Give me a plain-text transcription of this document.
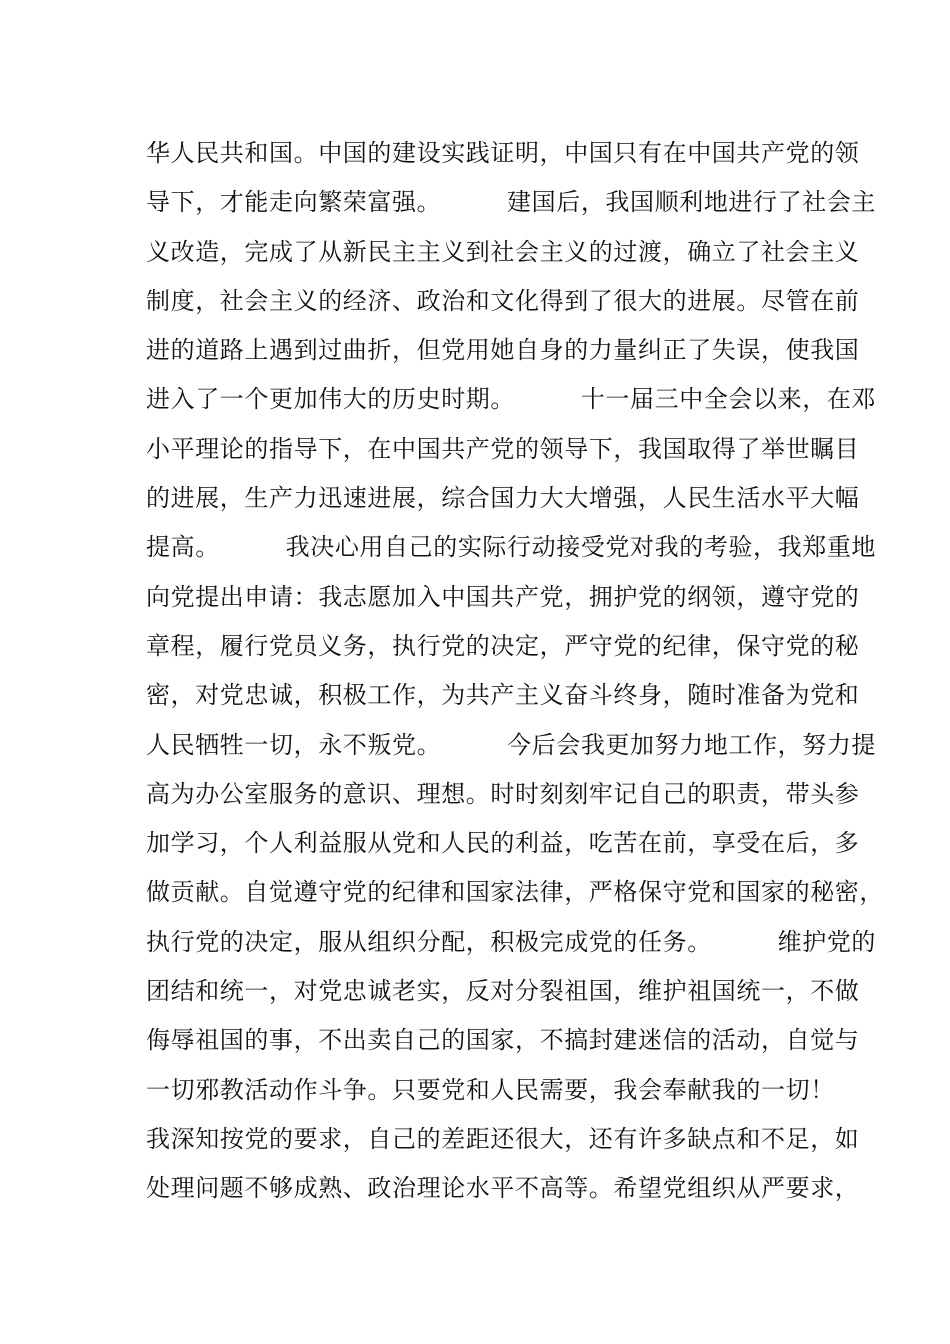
华人民共和国。中国的建设实践证明，中国只有在中国共产党的领
导下，才能走向繁荣富强。        建国后，我国顺利地进行了社会主
义改造，完成了从新民主主义到社会主义的过渡，确立了社会主义
制度，社会主义的经济、政治和文化得到了很大的进展。尽管在前
进的道路上遇到过曲折，但党用她自身的力量纠正了失误，使我国
进入了一个更加伟大的历史时期。        十一届三中全会以来，在邓
小平理论的指导下，在中国共产党的领导下，我国取得了举世瞩目
的进展，生产力迅速进展，综合国力大大增强，人民生活水平大幅
提高。        我决心用自己的实际行动接受党对我的考验，我郑重地
向党提出申请：我志愿加入中国共产党，拥护党的纲领，遵守党的
章程，履行党员义务，执行党的决定，严守党的纪律，保守党的秘
密，对党忠诚，积极工作，为共产主义奋斗终身，随时准备为党和
人民牺牲一切，永不叛党。        今后会我更加努力地工作，努力提
高为办公室服务的意识、理想。时时刻刻牢记自己的职责，带头参
加学习，个人利益服从党和人民的利益，吃苦在前，享受在后，多
做贡献。自觉遵守党的纪律和国家法律，严格保守党和国家的秘密，
执行党的决定，服从组织分配，积极完成党的任务。        维护党的
团结和统一，对党忠诚老实，反对分裂祖国，维护祖国统一，不做
侮辱祖国的事，不出卖自己的国家，不搞封建迷信的活动，自觉与
一切邪教活动作斗争。只要党和人民需要，我会奉献我的一切！
我深知按党的要求，自己的差距还很大，还有许多缺点和不足，如
处理问题不够成熟、政治理论水平不高等。希望党组织从严要求，
